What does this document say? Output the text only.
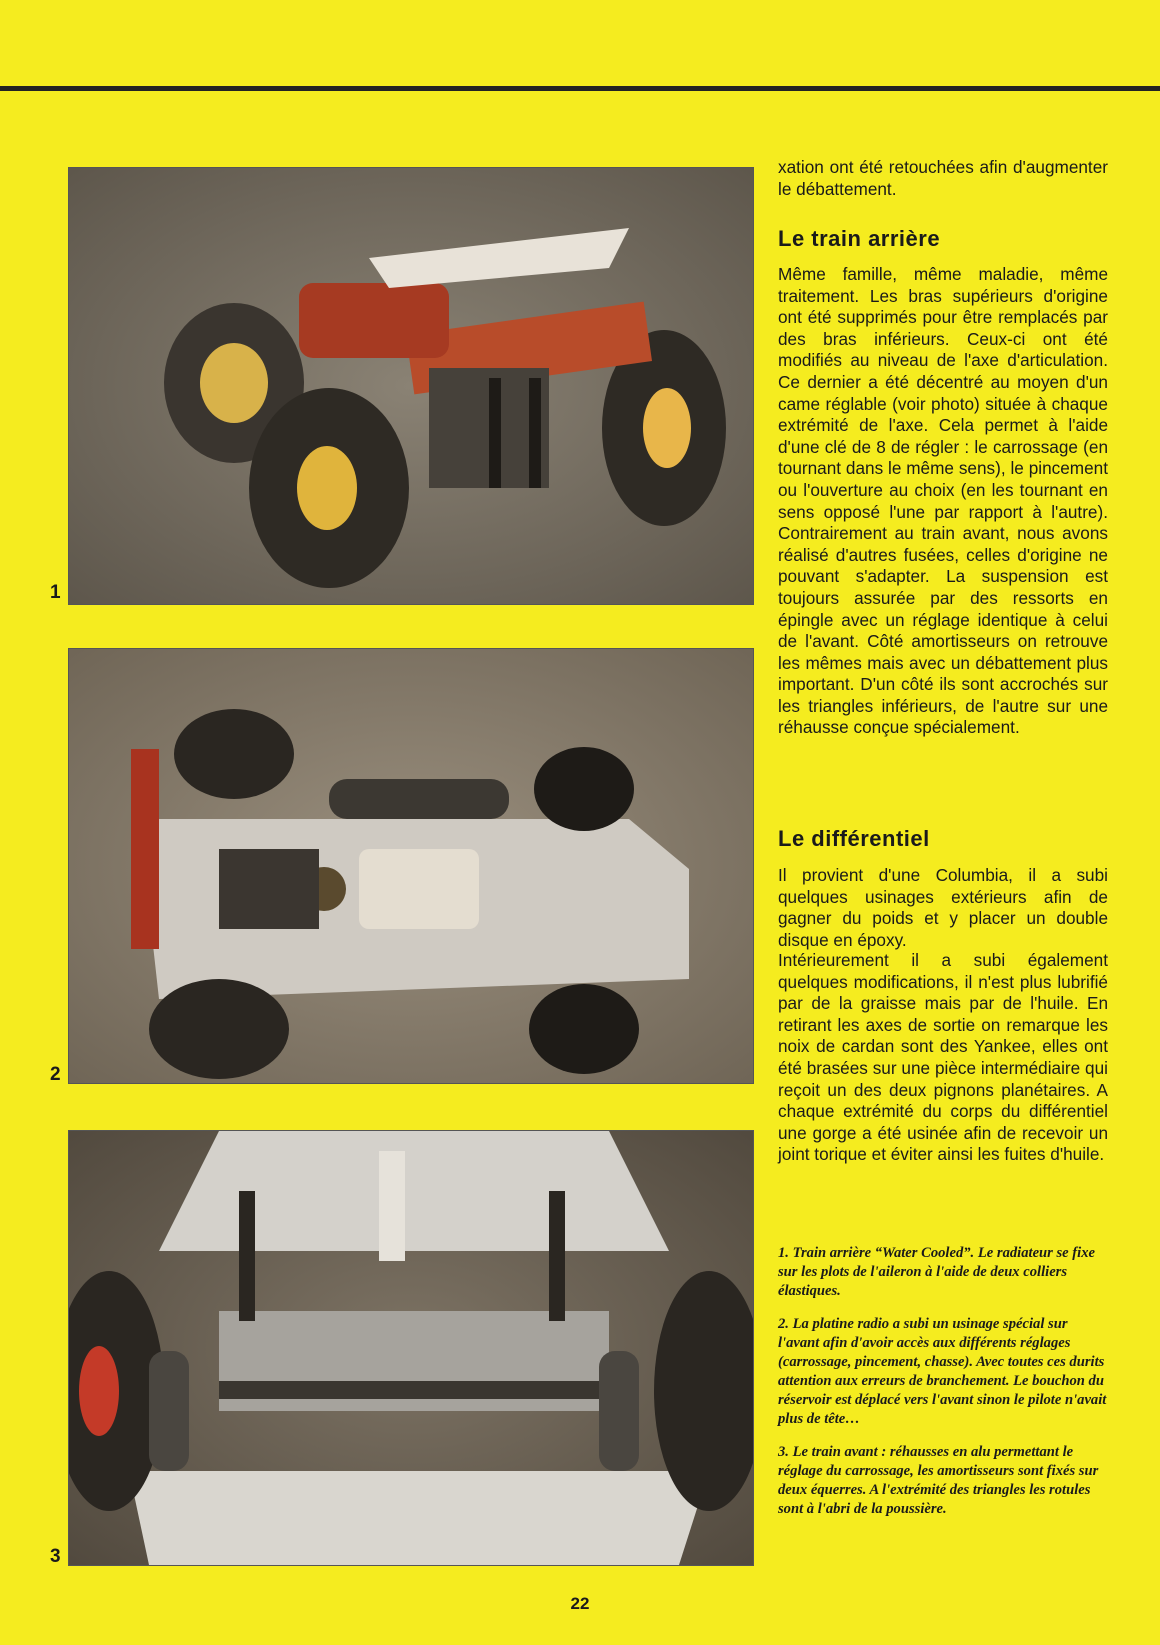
1
2
3

xation ont été retouchées afin d'augmenter le débattement.

Le train arrière

Même famille, même maladie, même traitement. Les bras supérieurs d'origine ont été supprimés pour être remplacés par des bras inférieurs. Ceux-ci ont été modifiés au niveau de l'axe d'articulation. Ce dernier a été décentré au moyen d'un came réglable (voir photo) située à chaque extrémité de l'axe. Cela permet à l'aide d'une clé de 8 de régler : le carrossage (en tournant dans le même sens), le pincement ou l'ouverture au choix (en les tournant en sens opposé l'une par rapport à l'autre). Contrairement au train avant, nous avons réalisé d'autres fusées, celles d'origine ne pouvant s'adapter. La suspension est toujours assurée par des ressorts en épingle avec un réglage identique à celui de l'avant. Côté amortisseurs on retrouve les mêmes mais avec un débattement plus important. D'un côté ils sont accrochés sur les triangles inférieurs, de l'autre sur une réhausse conçue spécialement.

Le différentiel

Il provient d'une Columbia, il a subi quelques usinages extérieurs afin de gagner du poids et y placer un double disque en époxy.

Intérieurement il a subi également quelques modifications, il n'est plus lubrifié par de la graisse mais par de l'huile. En retirant les axes de sortie on remarque les noix de cardan sont des Yankee, elles ont été brasées sur une pièce intermédiaire qui reçoit un des deux pignons planétaires. A chaque extrémité du corps du différentiel une gorge a été usinée afin de recevoir un joint torique et éviter ainsi les fuites d'huile.

1. Train arrière “Water Cooled”. Le radiateur se fixe sur les plots de l'aileron à l'aide de deux colliers élastiques.

2. La platine radio a subi un usinage spécial sur l'avant afin d'avoir accès aux différents réglages (carrossage, pincement, chasse). Avec toutes ces durits attention aux erreurs de branchement. Le bouchon du réservoir est déplacé vers l'avant sinon le pilote n'avait plus de tête…

3. Le train avant : réhausses en alu permettant le réglage du carrossage, les amortisseurs sont fixés sur deux équerres. A l'extrémité des triangles les rotules sont à l'abri de la poussière.

22
